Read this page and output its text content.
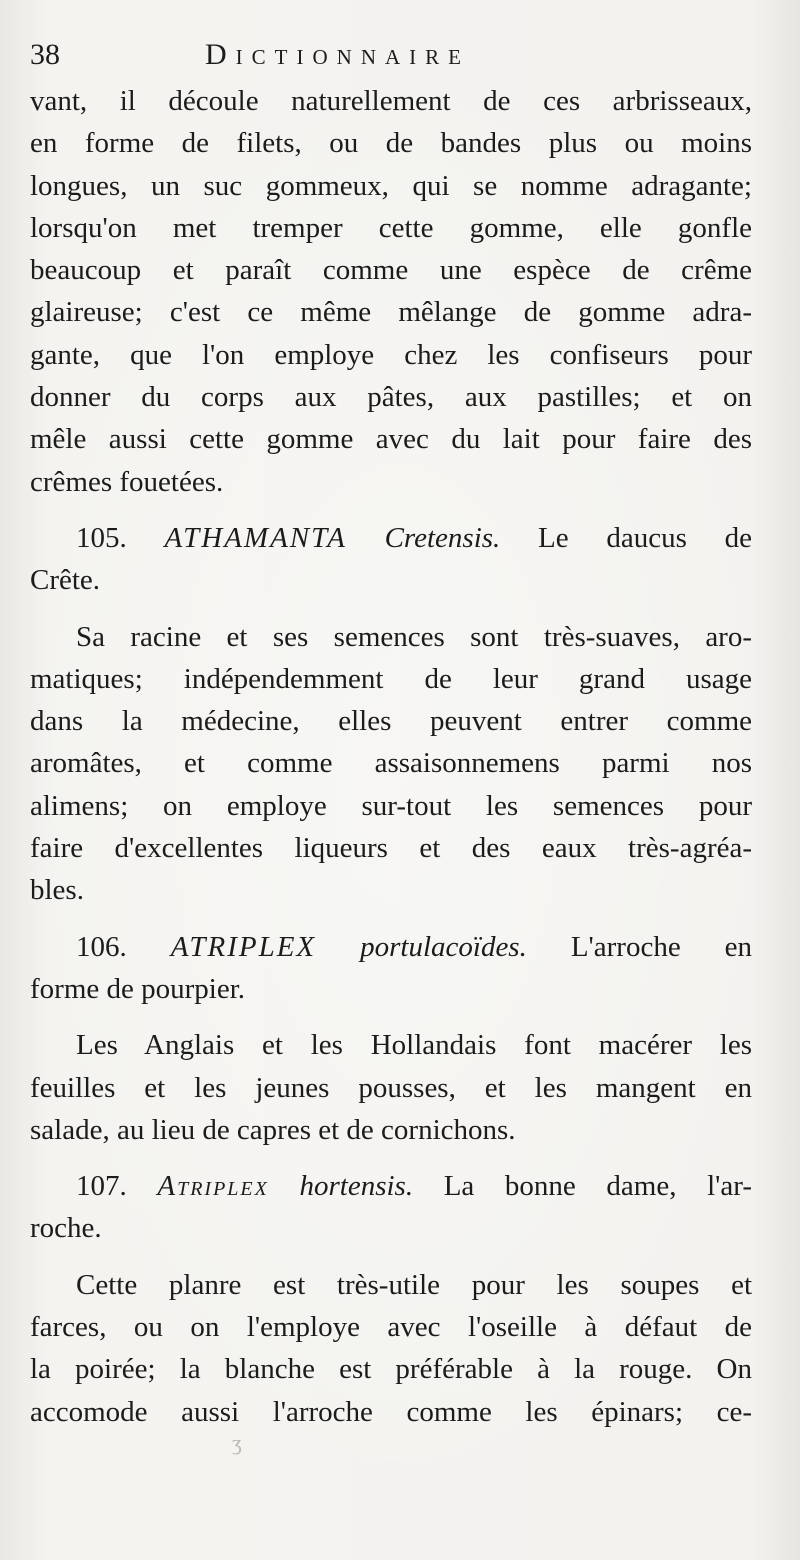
38	Dictionnaire
vant, il découle naturellement de ces arbrisseaux,
en forme de filets, ou de bandes plus ou moins
longues, un suc gommeux, qui se nomme adragante;
lorsqu'on met tremper cette gomme, elle gonfle
beaucoup et paraît comme une espèce de crême
glaireuse; c'est ce même mêlange de gomme adra-
gante, que l'on employe chez les confiseurs pour
donner du corps aux pâtes, aux pastilles; et on
mêle aussi cette gomme avec du lait pour faire des
crêmes fouetées.
105. ATHAMANTA Cretensis. Le daucus de
Crête.
Sa racine et ses semences sont très-suaves, aro-
matiques; indépendemment de leur grand usage
dans la médecine, elles peuvent entrer comme
aromâtes, et comme assaisonnemens parmi nos
alimens; on employe sur-tout les semences pour
faire d'excellentes liqueurs et des eaux très-agréa-
bles.
106. ATRIPLEX portulacoïdes. L'arroche en
forme de pourpier.
Les Anglais et les Hollandais font macérer les
feuilles et les jeunes pousses, et les mangent en
salade, au lieu de capres et de cornichons.
107. Atriplex hortensis. La bonne dame, l'ar-
roche.
Cette planre est très-utile pour les soupes et
farces, ou on l'employe avec l'oseille à défaut de
la poirée; la blanche est préférable à la rouge. On
accomode aussi l'arroche comme les épinars; ce-
ʒ
